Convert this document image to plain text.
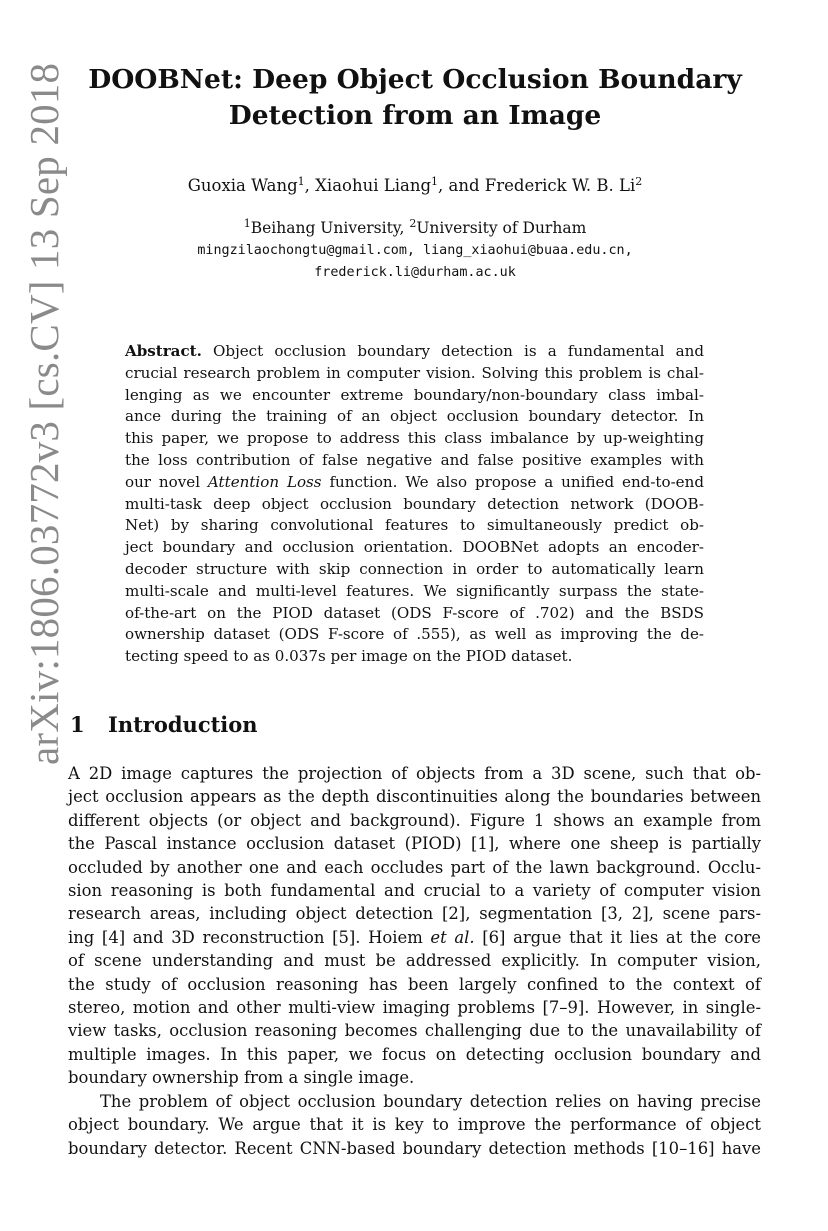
arXiv:1806.03772v3 [cs.CV] 13 Sep 2018 DOOBNet: Deep Object Occlusion Boundary
Detection from an Image
Guoxia Wang$^1$, Xiaohui Liang$^1$, and Frederick W. B. Li$^2$
$^1$Beihang University, $^2$University of Durham
mingzilaochongtu@gmail.com, liang_xiaohui@buaa.edu.cn,
frederick.li@durham.ac.uk
Abstract. Object occlusion boundary detection is a fundamental and
crucial research problem in computer vision. Solving this problem is chal-
lenging as we encounter extreme boundary/non-boundary class imbal-
ance during the training of an object occlusion boundary detector. In
this paper, we propose to address this class imbalance by up-weighting
the loss contribution of false negative and false positive examples with
our novel Attention Loss function. We also propose a unified end-to-end
multi-task deep object occlusion boundary detection network (DOOB-
Net) by sharing convolutional features to simultaneously predict ob-
ject boundary and occlusion orientation. DOOBNet adopts an encoder-
decoder structure with skip connection in order to automatically learn
multi-scale and multi-level features. We significantly surpass the state-
of-the-art on the PIOD dataset (ODS F-score of .702) and the BSDS
ownership dataset (ODS F-score of .555), as well as improving the de-
tecting speed to as 0.037s per image on the PIOD dataset.
1 Introduction
A 2D image captures the projection of objects from a 3D scene, such that ob-
ject occlusion appears as the depth discontinuities along the boundaries between
different objects (or object and background). Figure 1 shows an example from
the Pascal instance occlusion dataset (PIOD) [1], where one sheep is partially
occluded by another one and each occludes part of the lawn background. Occlu-
sion reasoning is both fundamental and crucial to a variety of computer vision
research areas, including object detection [2], segmentation [3, 2], scene pars-
ing [4] and 3D reconstruction [5]. Hoiem et al. [6] argue that it lies at the core
of scene understanding and must be addressed explicitly. In computer vision,
the study of occlusion reasoning has been largely confined to the context of
stereo, motion and other multi-view imaging problems [7–9]. However, in single-
view tasks, occlusion reasoning becomes challenging due to the unavailability of
multiple images. In this paper, we focus on detecting occlusion boundary and
boundary ownership from a single image.
The problem of object occlusion boundary detection relies on having precise
object boundary. We argue that it is key to improve the performance of object
boundary detector. Recent CNN-based boundary detection methods [10–16] have
